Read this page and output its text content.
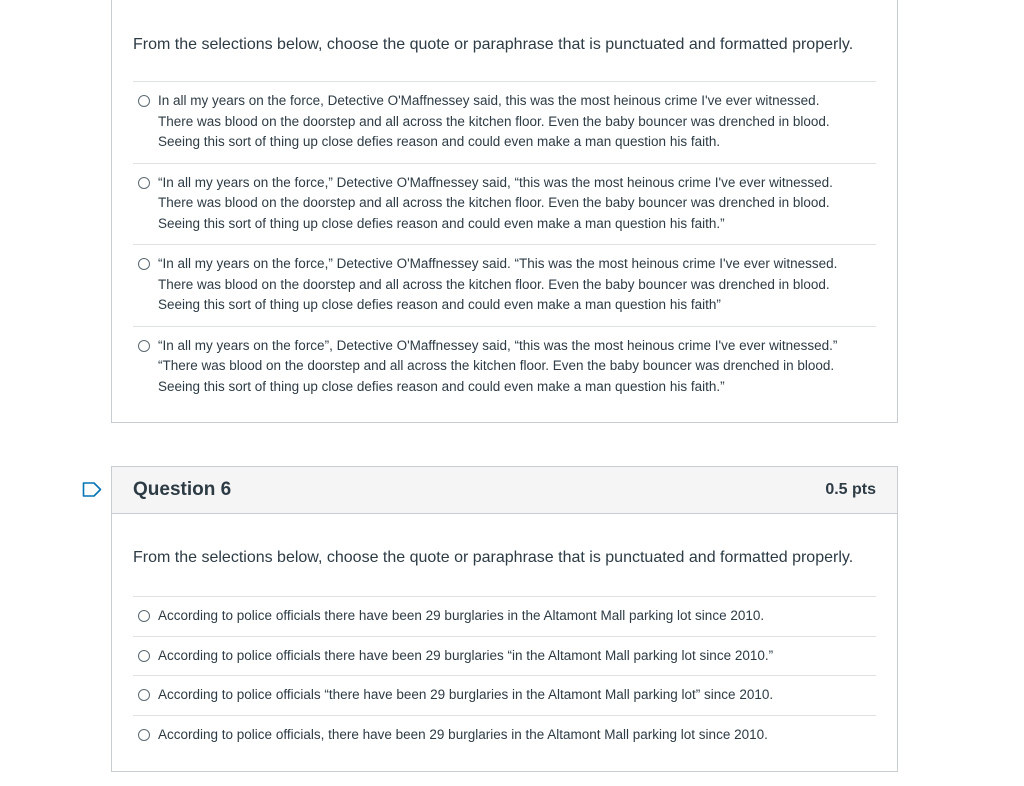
From the selections below, choose the quote or paraphrase that is punctuated and formatted properly.
In all my years on the force, Detective O'Maffnessey said, this was the most heinous crime I've ever witnessed.
There was blood on the doorstep and all across the kitchen floor. Even the baby bouncer was drenched in blood.
Seeing this sort of thing up close defies reason and could even make a man question his faith.
“In all my years on the force,” Detective O'Maffnessey said, “this was the most heinous crime I've ever witnessed.
There was blood on the doorstep and all across the kitchen floor. Even the baby bouncer was drenched in blood.
Seeing this sort of thing up close defies reason and could even make a man question his faith.”
“In all my years on the force,” Detective O'Maffnessey said. “This was the most heinous crime I've ever witnessed.
There was blood on the doorstep and all across the kitchen floor. Even the baby bouncer was drenched in blood.
Seeing this sort of thing up close defies reason and could even make a man question his faith”
“In all my years on the force”, Detective O'Maffnessey said, “this was the most heinous crime I've ever witnessed.”
“There was blood on the doorstep and all across the kitchen floor. Even the baby bouncer was drenched in blood.
Seeing this sort of thing up close defies reason and could even make a man question his faith.”
Question 6	0.5 pts
From the selections below, choose the quote or paraphrase that is punctuated and formatted properly.
According to police officials there have been 29 burglaries in the Altamont Mall parking lot since 2010.
According to police officials there have been 29 burglaries “in the Altamont Mall parking lot since 2010.”
According to police officials “there have been 29 burglaries in the Altamont Mall parking lot” since 2010.
According to police officials, there have been 29 burglaries in the Altamont Mall parking lot since 2010.
